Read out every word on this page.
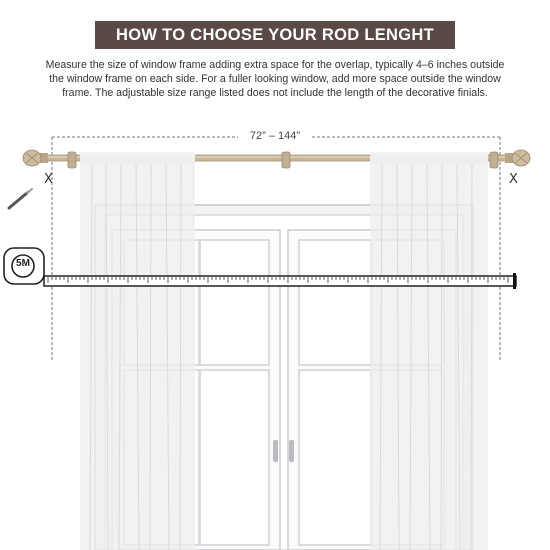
HOW TO CHOOSE YOUR ROD LENGHT
Measure the size of window frame adding extra space for the overlap, typically 4–6 inches outside
the window frame on each side. For a fuller looking window, add more space outside the window
frame. The adjustable size range listed does not include the length of the decorative finials.
72” – 144”
5M
X	X
